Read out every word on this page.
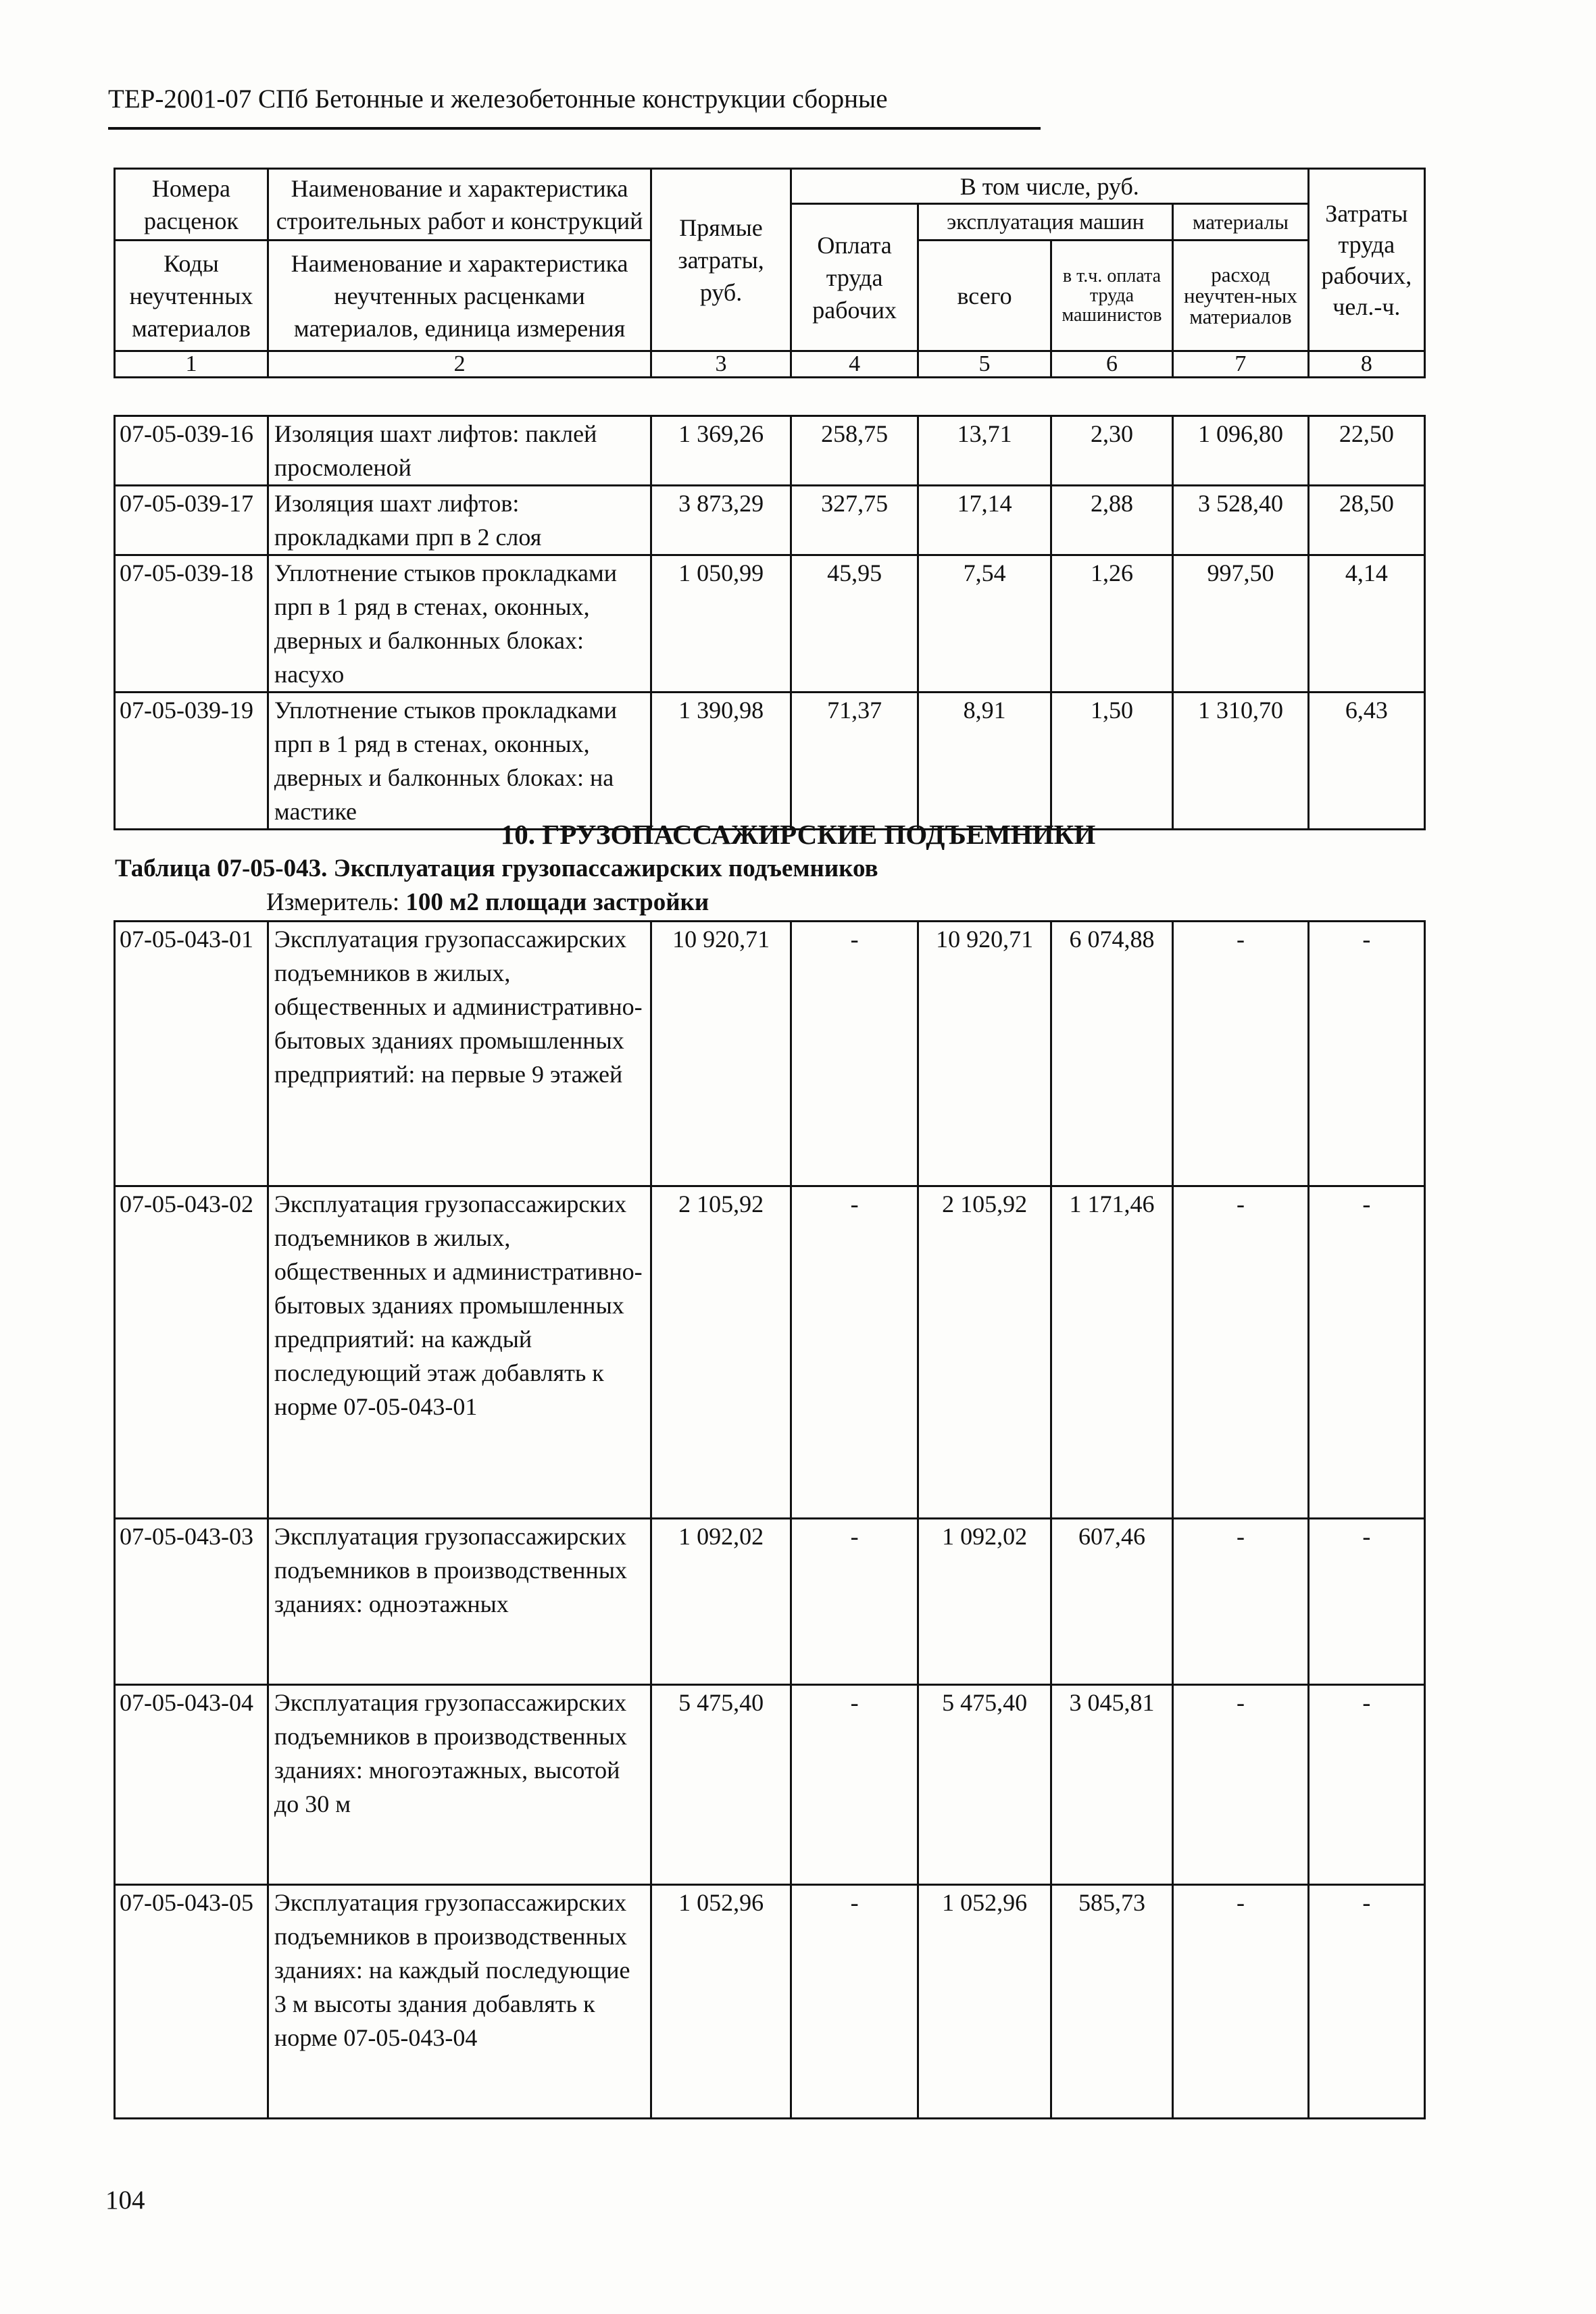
ТЕР-2001-07 СПб Бетонные и железобетонные конструкции сборные
Номера расценок	Наименование и характеристика строительных работ и конструкций	Прямые затраты, руб.	В том числе, руб.				Затраты труда рабочих, чел.-ч.
			Оплата труда рабочих	эксплуатация машин		материалы	
Коды неучтенных материалов	Наименование и характеристика неучтенных расценками материалов, единица измерения			всего	в т.ч. оплата труда машинистов	расход неучтен-ных материалов	
1	2	3	4	5	6	7	8
07-05-039-16	Изоляция шахт лифтов: паклей просмоленой	1 369,26	258,75	13,71	2,30	1 096,80	22,50
07-05-039-17	Изоляция шахт лифтов: прокладками прп в 2 слоя	3 873,29	327,75	17,14	2,88	3 528,40	28,50
07-05-039-18	Уплотнение стыков прокладками прп в 1 ряд в стенах, оконных, дверных и балконных блоках: насухо	1 050,99	45,95	7,54	1,26	997,50	4,14
07-05-039-19	Уплотнение стыков прокладками прп в 1 ряд в стенах, оконных, дверных и балконных блоках: на мастике	1 390,98	71,37	8,91	1,50	1 310,70	6,43
10. ГРУЗОПАССАЖИРСКИЕ ПОДЪЕМНИКИ
Таблица 07-05-043. Эксплуатация грузопассажирских подъемников
Измеритель: 100 м2 площади застройки
07-05-043-01	Эксплуатация грузопассажирских подъемников в жилых, общественных и административно-бытовых зданиях промышленных предприятий: на первые 9 этажей	10 920,71	-	10 920,71	6 074,88	-	-
07-05-043-02	Эксплуатация грузопассажирских подъемников в жилых, общественных и административно-бытовых зданиях промышленных предприятий: на каждый последующий этаж добавлять к норме 07-05-043-01	2 105,92	-	2 105,92	1 171,46	-	-
07-05-043-03	Эксплуатация грузопассажирских подъемников в производственных зданиях: одноэтажных	1 092,02	-	1 092,02	607,46	-	-
07-05-043-04	Эксплуатация грузопассажирских подъемников в производственных зданиях: многоэтажных, высотой до 30 м	5 475,40	-	5 475,40	3 045,81	-	-
07-05-043-05	Эксплуатация грузопассажирских подъемников в производственных зданиях: на каждый последующие 3 м высоты здания добавлять к норме 07-05-043-04	1 052,96	-	1 052,96	585,73	-	-
104
